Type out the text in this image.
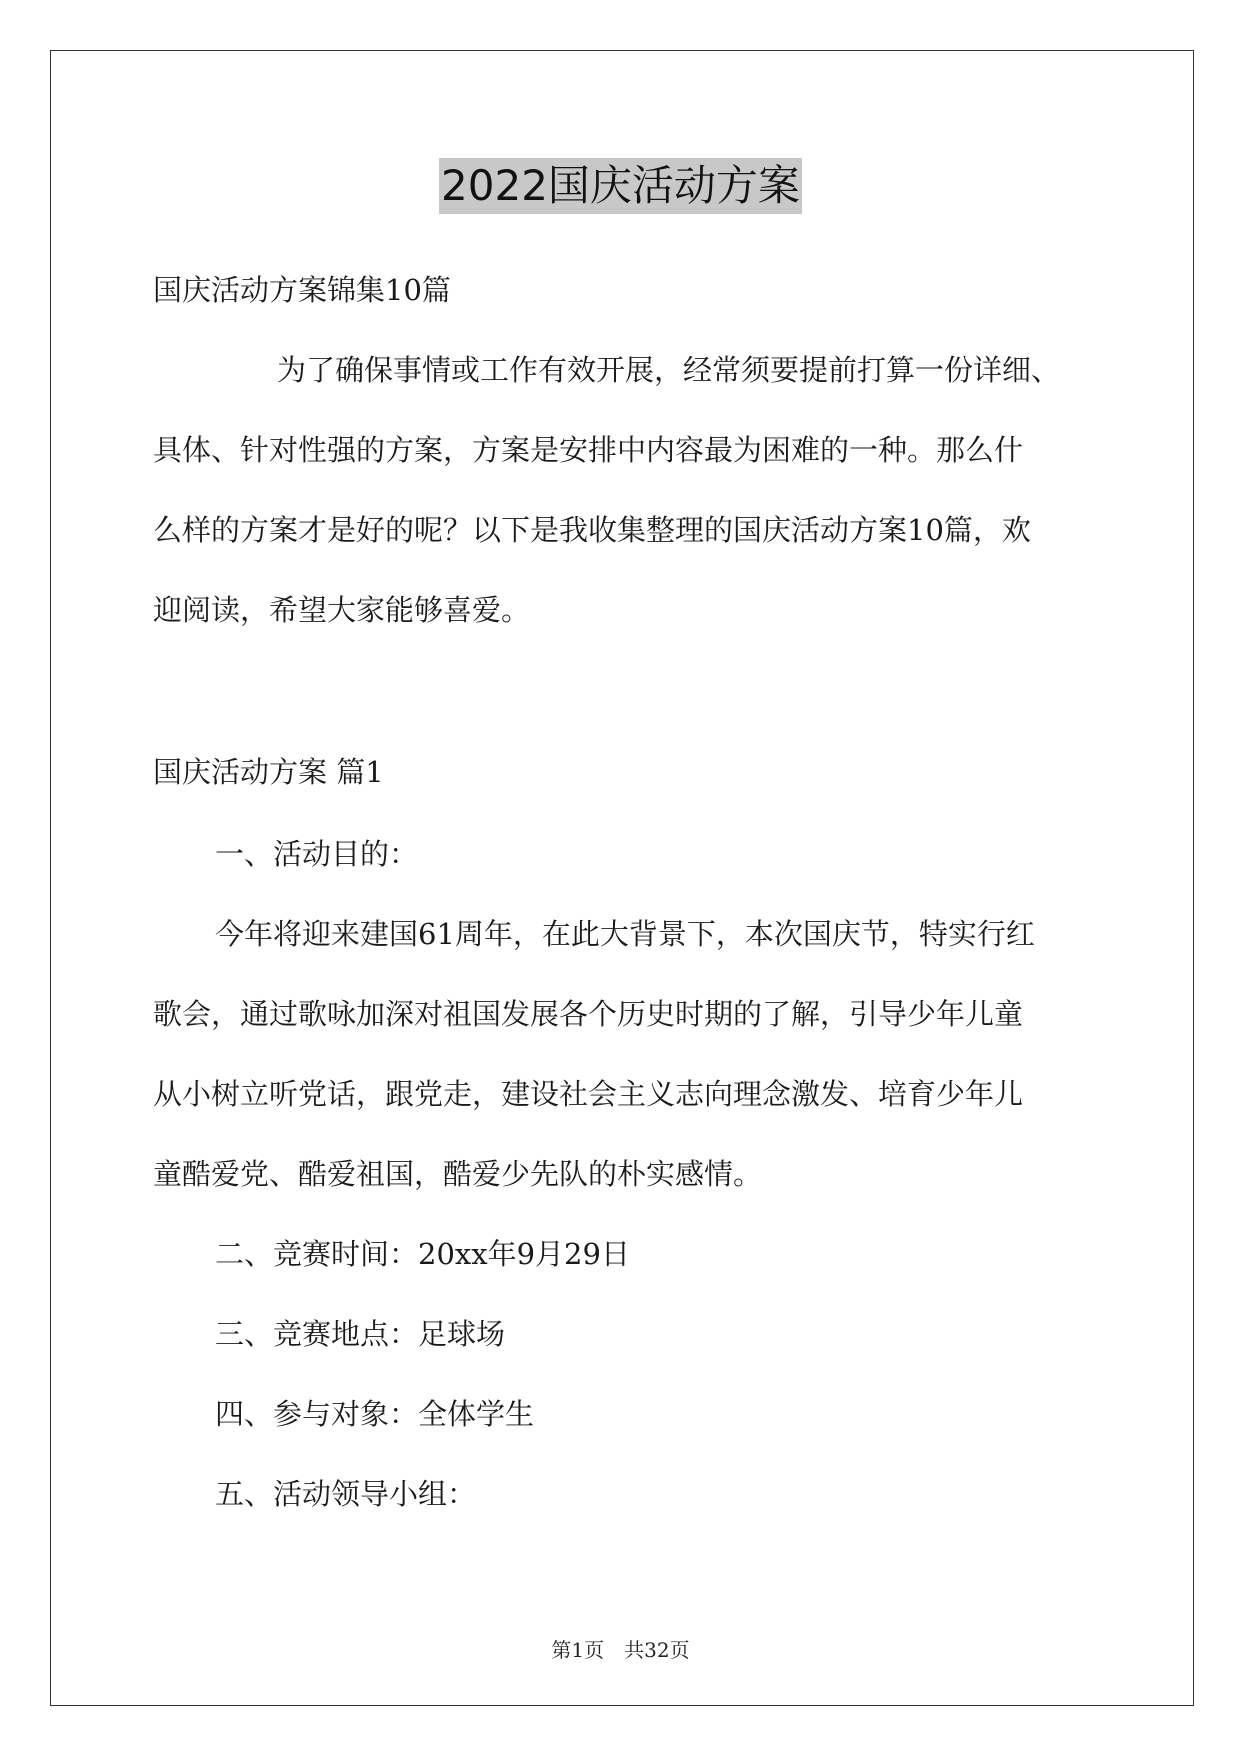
2022国庆活动方案
国庆活动方案锦集10篇
为了确保事情或工作有效开展，经常须要提前打算一份详细、
具体、针对性强的方案，方案是安排中内容最为困难的一种。那么什
么样的方案才是好的呢？以下是我收集整理的国庆活动方案10篇，欢
迎阅读，希望大家能够喜爱。
国庆活动方案 篇1
一、活动目的：
今年将迎来建国61周年，在此大背景下，本次国庆节，特实行红
歌会，通过歌咏加深对祖国发展各个历史时期的了解，引导少年儿童
从小树立听党话，跟党走，建设社会主义志向理念激发、培育少年儿
童酷爱党、酷爱祖国，酷爱少先队的朴实感情。
二、竞赛时间：20xx年9月29日
三、竞赛地点：足球场
四、参与对象：全体学生
五、活动领导小组：
第1页 共32页
